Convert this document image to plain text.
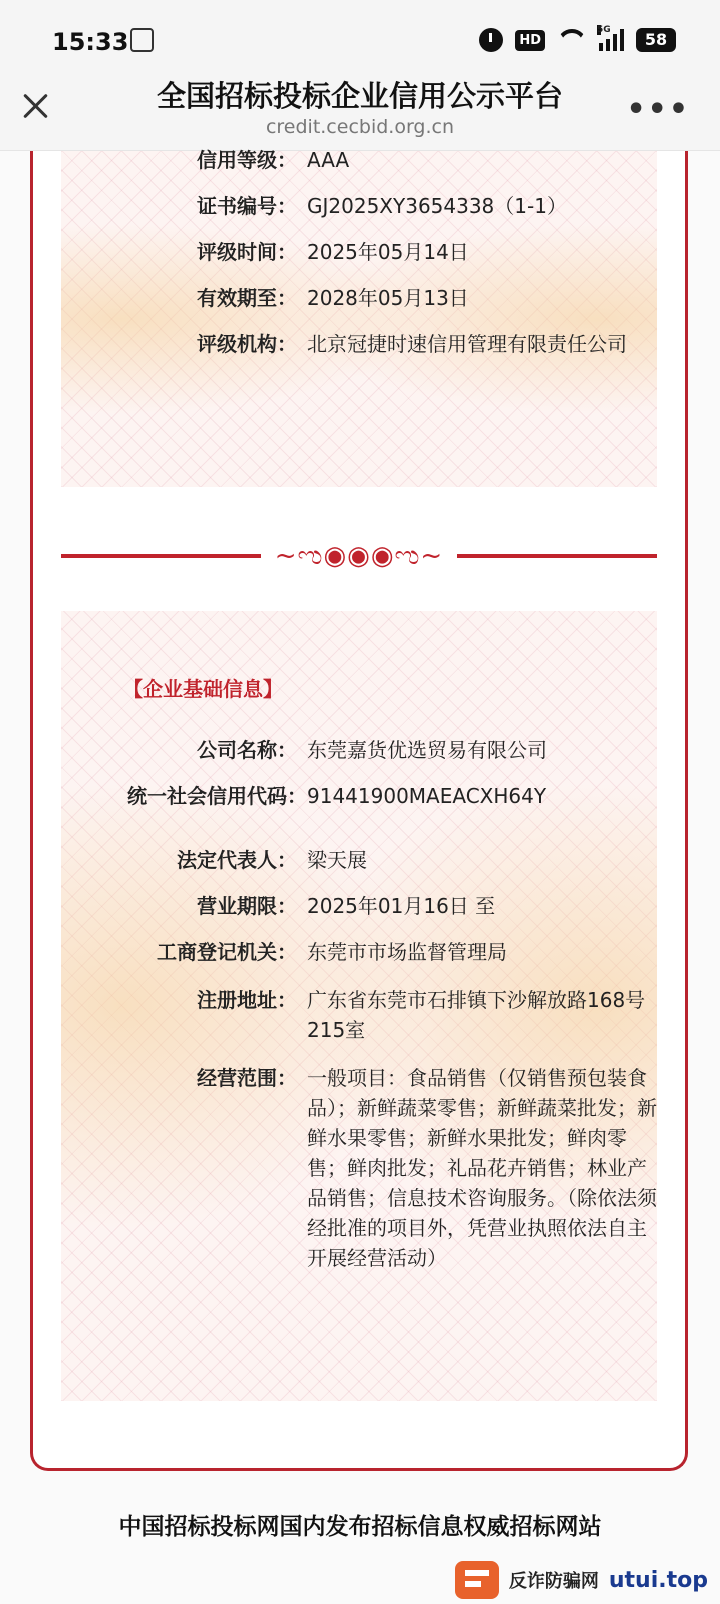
15:33	HD
5G	58
全国招标投标企业信用公示平台
credit.cecbid.org.cn	•••
信用等级： AAA
证书编号： GJ2025XY3654338（1-1）
评级时间： 2025年05月14日
有效期至： 2028年05月13日
评级机构： 北京冠捷时速信用管理有限责任公司
~ಌ◉◉◉ಌ~
【企业基础信息】
公司名称： 东莞嘉货优选贸易有限公司
统一社会信用代码： 91441900MAEACXH64Y
法定代表人： 梁天展
营业期限： 2025年01月16日 至
工商登记机关： 东莞市市场监督管理局
注册地址： 广东省东莞市石排镇下沙解放路168号215室
经营范围： 一般项目：食品销售（仅销售预包装食品）；新鲜蔬菜零售；新鲜蔬菜批发；新鲜水果零售；新鲜水果批发；鲜肉零售；鲜肉批发；礼品花卉销售；林业产品销售；信息技术咨询服务。（除依法须经批准的项目外，凭营业执照依法自主开展经营活动）
中国招标投标网国内发布招标信息权威招标网站
反诈防骗网 utui.top
